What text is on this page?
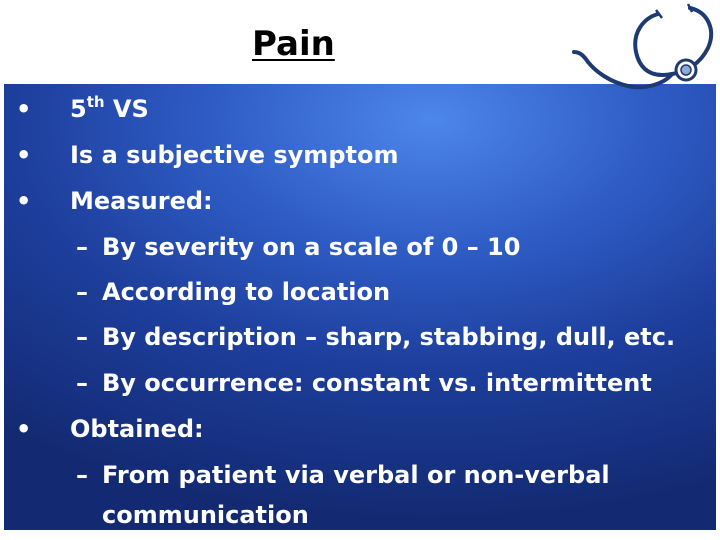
Pain
• 5th VS
• Is a subjective symptom
• Measured:
– By severity on a scale of 0 – 10
– According to location
– By description – sharp, stabbing, dull, etc.
– By occurrence: constant vs. intermittent
• Obtained:
– From patient via verbal or non-verbal
communication
